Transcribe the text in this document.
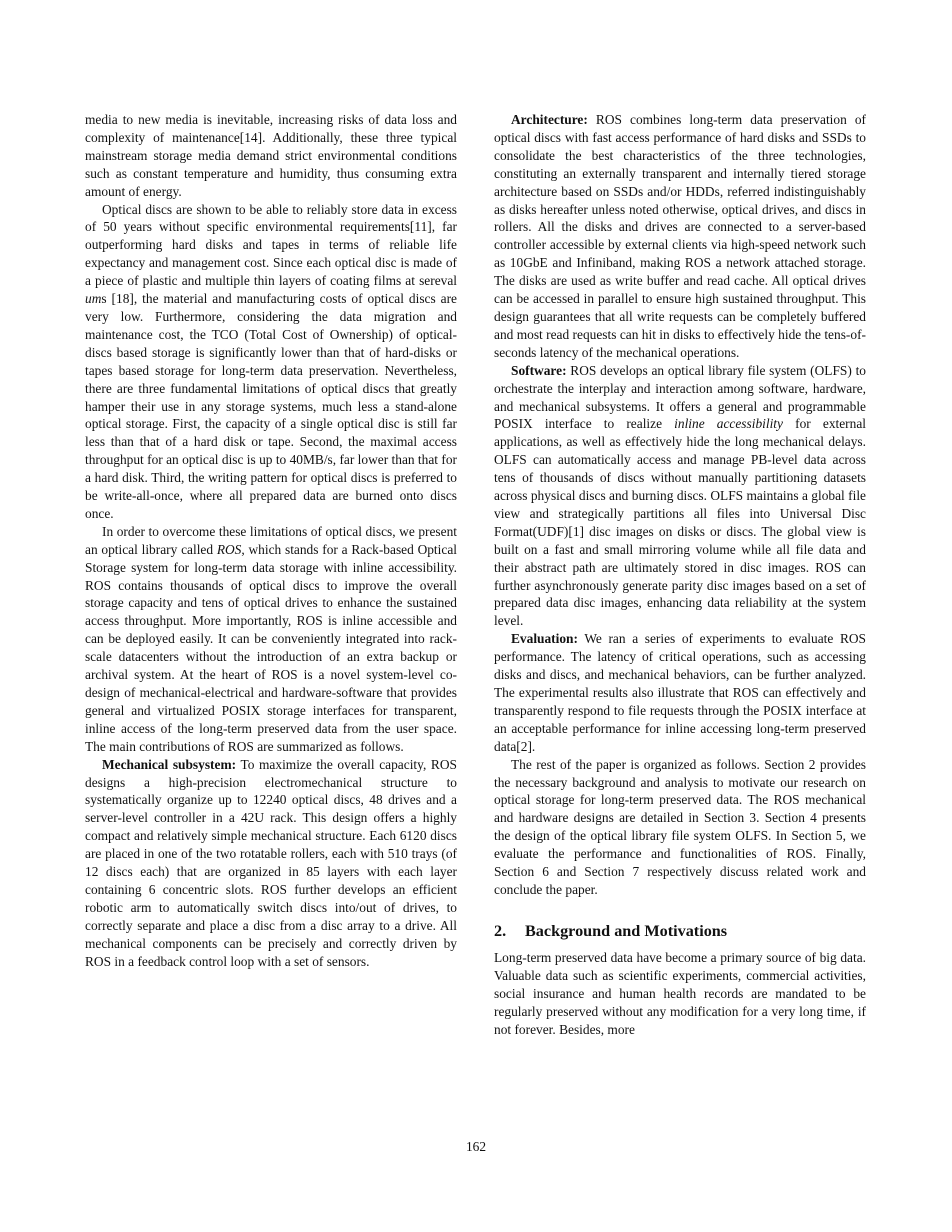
media to new media is inevitable, increasing risks of data loss and complexity of maintenance[14]. Additionally, these three typical mainstream storage media demand strict environmental conditions such as constant temperature and humidity, thus consuming extra amount of energy.

Optical discs are shown to be able to reliably store data in excess of 50 years without specific environmental requirements[11], far outperforming hard disks and tapes in terms of reliable life expectancy and management cost. Since each optical disc is made of a piece of plastic and multiple thin layers of coating films at sereval ums [18], the material and manufacturing costs of optical discs are very low. Furthermore, considering the data migration and maintenance cost, the TCO (Total Cost of Ownership) of optical-discs based storage is significantly lower than that of hard-disks or tapes based storage for long-term data preservation. Nevertheless, there are three fundamental limitations of optical discs that greatly hamper their use in any storage systems, much less a stand-alone optical storage. First, the capacity of a single optical disc is still far less than that of a hard disk or tape. Second, the maximal access throughput for an optical disc is up to 40MB/s, far lower than that for a hard disk. Third, the writing pattern for optical discs is preferred to be write-all-once, where all prepared data are burned onto discs once.

In order to overcome these limitations of optical discs, we present an optical library called ROS, which stands for a Rack-based Optical Storage system for long-term data storage with inline accessibility. ROS contains thousands of optical discs to improve the overall storage capacity and tens of optical drives to enhance the sustained access throughput. More importantly, ROS is inline accessible and can be deployed easily. It can be conveniently integrated into rack-scale datacenters without the introduction of an extra backup or archival system. At the heart of ROS is a novel system-level co-design of mechanical-electrical and hardware-software that provides general and virtualized POSIX storage interfaces for transparent, inline access of the long-term preserved data from the user space. The main contributions of ROS are summarized as follows.

Mechanical subsystem: To maximize the overall capacity, ROS designs a high-precision electromechanical structure to systematically organize up to 12240 optical discs, 48 drives and a server-level controller in a 42U rack. This design offers a highly compact and relatively simple mechanical structure. Each 6120 discs are placed in one of the two rotatable rollers, each with 510 trays (of 12 discs each) that are organized in 85 layers with each layer containing 6 concentric slots. ROS further develops an efficient robotic arm to automatically switch discs into/out of drives, to correctly separate and place a disc from a disc array to a drive. All mechanical components can be precisely and correctly driven by ROS in a feedback control loop with a set of sensors.

Architecture: ROS combines long-term data preservation of optical discs with fast access performance of hard disks and SSDs to consolidate the best characteristics of the three technologies, constituting an externally transparent and internally tiered storage architecture based on SSDs and/or HDDs, referred indistinguishably as disks hereafter unless noted otherwise, optical drives, and discs in rollers. All the disks and drives are connected to a server-based controller accessible by external clients via high-speed network such as 10GbE and Infiniband, making ROS a network attached storage. The disks are used as write buffer and read cache. All optical drives can be accessed in parallel to ensure high sustained throughput. This design guarantees that all write requests can be completely buffered and most read requests can hit in disks to effectively hide the tens-of-seconds latency of the mechanical operations.

Software: ROS develops an optical library file system (OLFS) to orchestrate the interplay and interaction among software, hardware, and mechanical subsystems. It offers a general and programmable POSIX interface to realize inline accessibility for external applications, as well as effectively hide the long mechanical delays. OLFS can automatically access and manage PB-level data across tens of thousands of discs without manually partitioning datasets across physical discs and burning discs. OLFS maintains a global file view and strategically partitions all files into Universal Disc Format(UDF)[1] disc images on disks or discs. The global view is built on a fast and small mirroring volume while all file data and their abstract path are ultimately stored in disc images. ROS can further asynchronously generate parity disc images based on a set of prepared data disc images, enhancing data reliability at the system level.

Evaluation: We ran a series of experiments to evaluate ROS performance. The latency of critical operations, such as accessing disks and discs, and mechanical behaviors, can be further analyzed. The experimental results also illustrate that ROS can effectively and transparently respond to file requests through the POSIX interface at an acceptable performance for inline accessing long-term preserved data[2].

The rest of the paper is organized as follows. Section 2 provides the necessary background and analysis to motivate our research on optical storage for long-term preserved data. The ROS mechanical and hardware designs are detailed in Section 3. Section 4 presents the design of the optical library file system OLFS. In Section 5, we evaluate the performance and functionalities of ROS. Finally, Section 6 and Section 7 respectively discuss related work and conclude the paper.

2. Background and Motivations

Long-term preserved data have become a primary source of big data. Valuable data such as scientific experiments, commercial activities, social insurance and human health records are mandated to be regularly preserved without any modification for a very long time, if not forever. Besides, more

162
